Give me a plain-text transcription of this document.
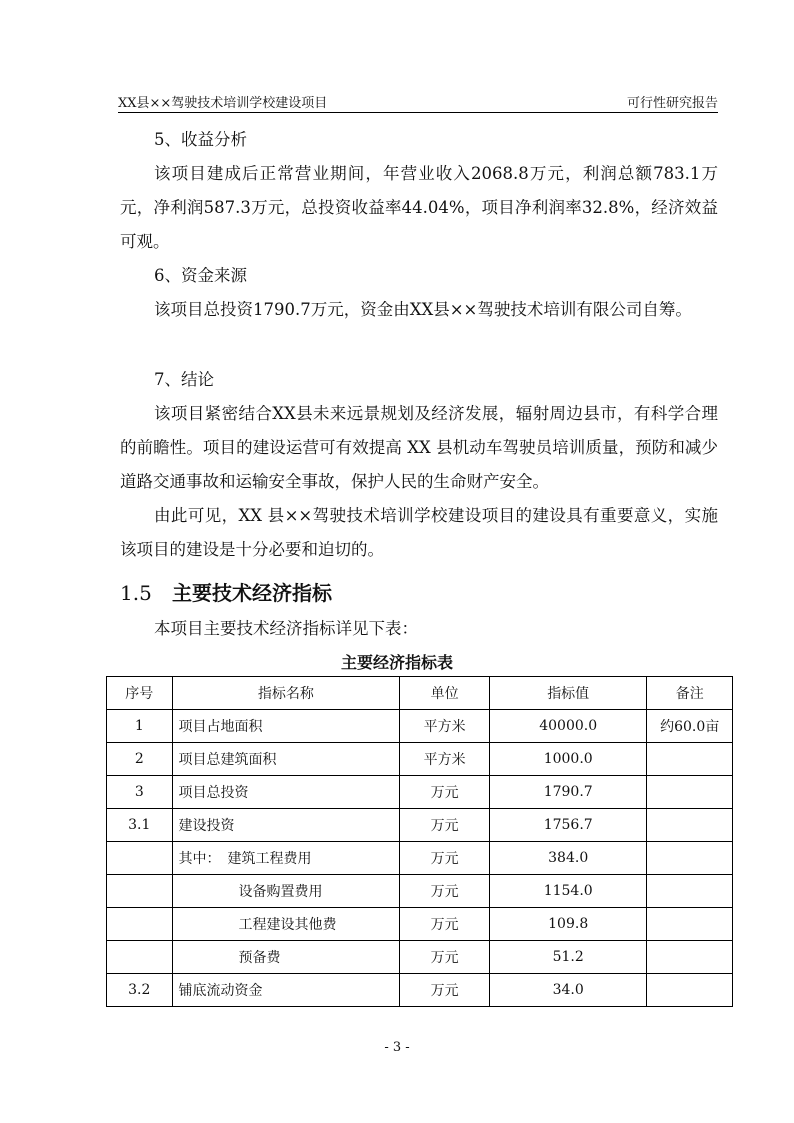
XX县××驾驶技术培训学校建设项目	可行性研究报告
5、收益分析
该项目建成后正常营业期间，年营业收入2068.8万元，利润总额783.1万元，净利润587.3万元，总投资收益率44.04%，项目净利润率32.8%，经济效益可观。
6、资金来源
该项目总投资1790.7万元，资金由XX县××驾驶技术培训有限公司自筹。
7、结论
该项目紧密结合XX县未来远景规划及经济发展，辐射周边县市，有科学合理的前瞻性。项目的建设运营可有效提高 XX 县机动车驾驶员培训质量，预防和减少道路交通事故和运输安全事故，保护人民的生命财产安全。
由此可见，XX 县××驾驶技术培训学校建设项目的建设具有重要意义，实施该项目的建设是十分必要和迫切的。
1.5 主要技术经济指标
本项目主要技术经济指标详见下表：
主要经济指标表
序号	指标名称	单位	指标值	备注
1	项目占地面积	平方米	40000.0	约60.0亩
2	项目总建筑面积	平方米	1000.0	
3	项目总投资	万元	1790.7	
3.1	建设投资	万元	1756.7	
	其中：　建筑工程费用	万元	384.0	
	设备购置费用	万元	1154.0	
	工程建设其他费	万元	109.8	
	预备费	万元	51.2	
3.2	铺底流动资金	万元	34.0	
- 3 -
